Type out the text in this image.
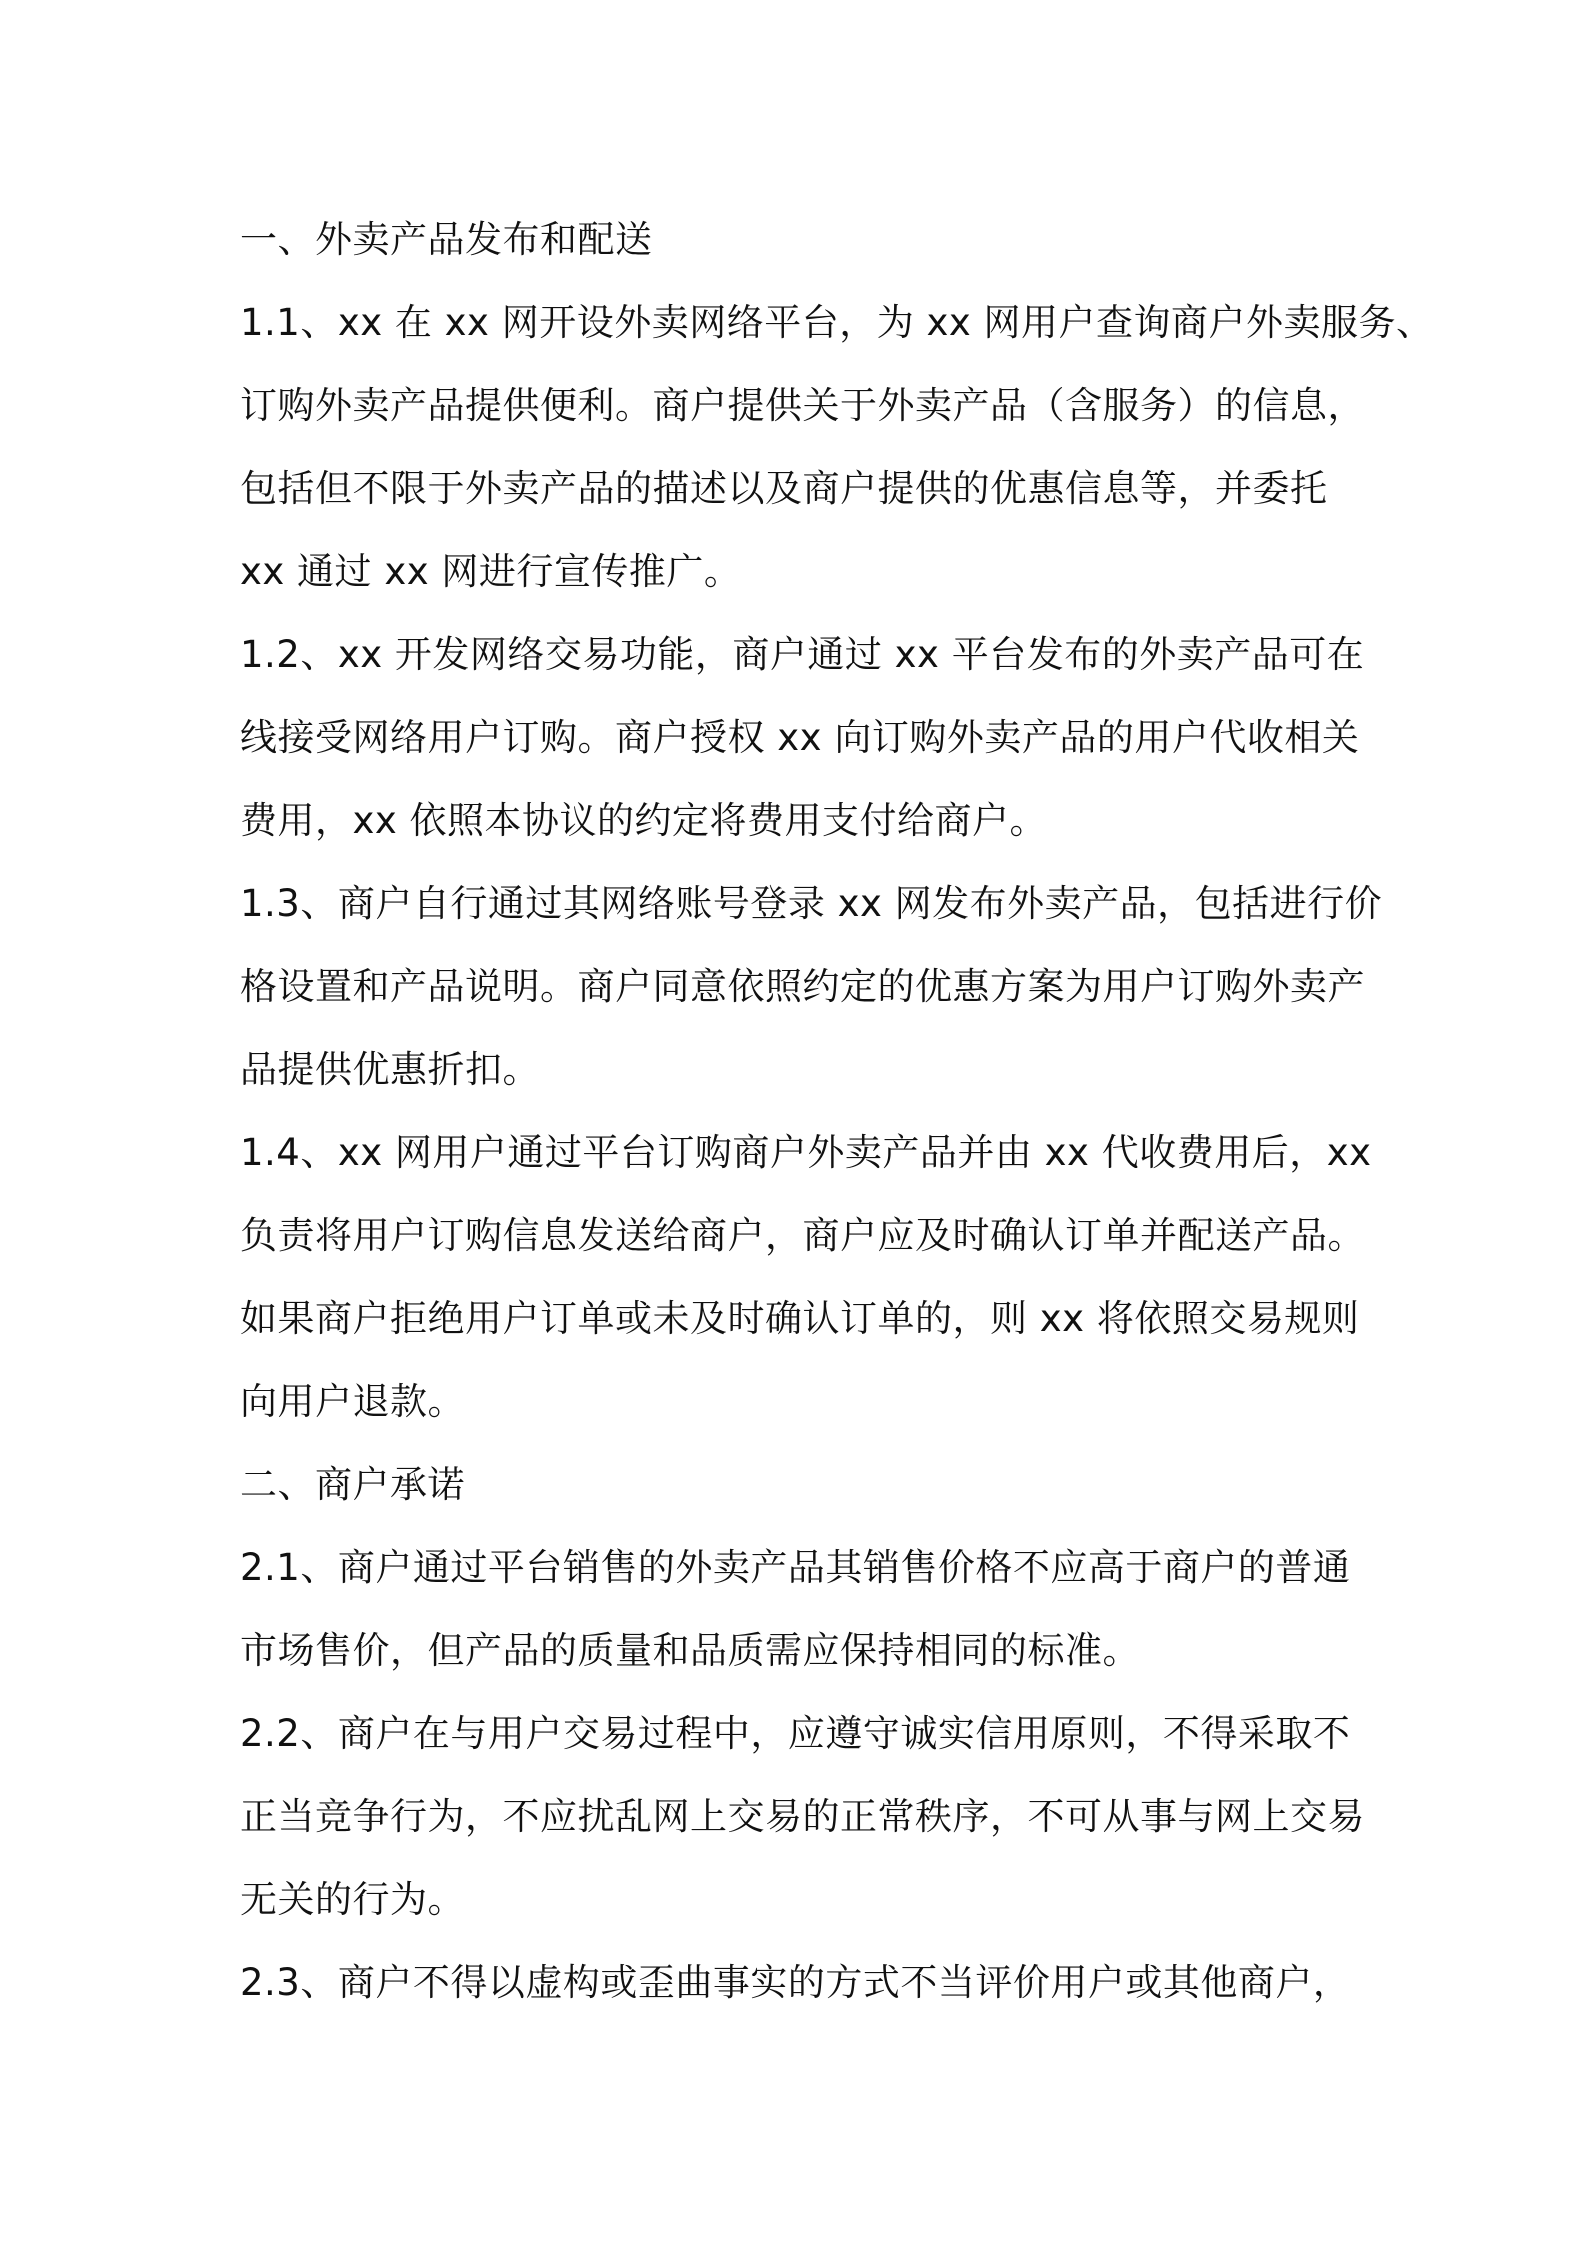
一、外卖产品发布和配送
1.1、xx 在 xx 网开设外卖网络平台，为 xx 网用户查询商户外卖服务、
订购外卖产品提供便利。商户提供关于外卖产品（含服务）的信息，
包括但不限于外卖产品的描述以及商户提供的优惠信息等，并委托
xx 通过 xx 网进行宣传推广。
1.2、xx 开发网络交易功能，商户通过 xx 平台发布的外卖产品可在
线接受网络用户订购。商户授权 xx 向订购外卖产品的用户代收相关
费用，xx 依照本协议的约定将费用支付给商户。
1.3、商户自行通过其网络账号登录 xx 网发布外卖产品，包括进行价
格设置和产品说明。商户同意依照约定的优惠方案为用户订购外卖产
品提供优惠折扣。
1.4、xx 网用户通过平台订购商户外卖产品并由 xx 代收费用后，xx
负责将用户订购信息发送给商户，商户应及时确认订单并配送产品。
如果商户拒绝用户订单或未及时确认订单的，则 xx 将依照交易规则
向用户退款。
二、商户承诺
2.1、商户通过平台销售的外卖产品其销售价格不应高于商户的普通
市场售价，但产品的质量和品质需应保持相同的标准。
2.2、商户在与用户交易过程中，应遵守诚实信用原则，不得采取不
正当竞争行为，不应扰乱网上交易的正常秩序，不可从事与网上交易
无关的行为。
2.3、商户不得以虚构或歪曲事实的方式不当评价用户或其他商户，
